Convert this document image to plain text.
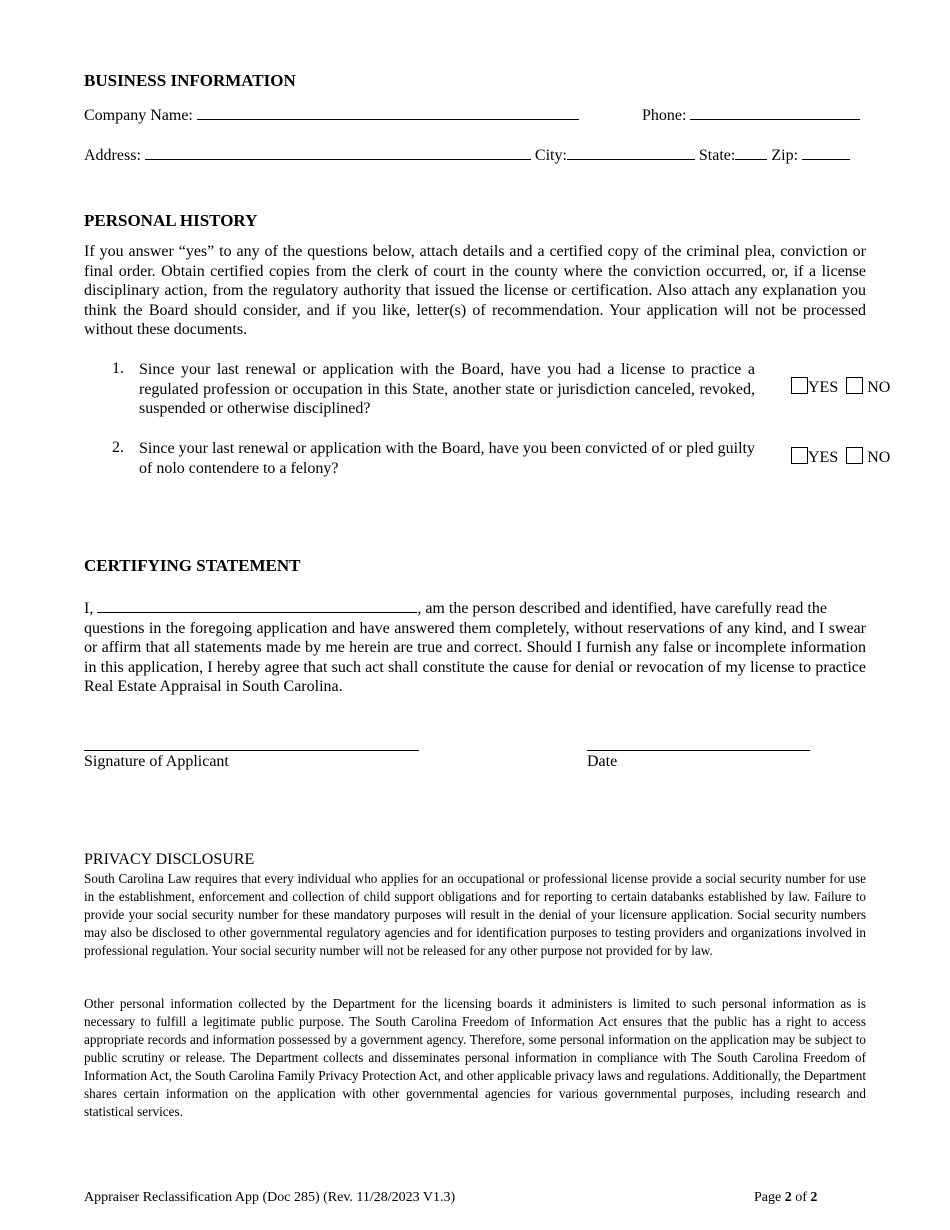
BUSINESS INFORMATION
Company Name:	Phone:
Address:	City:	State: Zip:
PERSONAL HISTORY
If you answer “yes” to any of the questions below, attach details and a certified copy of the criminal plea, conviction or final order. Obtain certified copies from the clerk of court in the county where the conviction occurred, or, if a license disciplinary action, from the regulatory authority that issued the license or certification. Also attach any explanation you think the Board should consider, and if you like, letter(s) of recommendation. Your application will not be processed without these documents.
1. Since your last renewal or application with the Board, have you had a license to practice a regulated profession or occupation in this State, another state or jurisdiction canceled, revoked, suspended or otherwise disciplined?
YES NO
2. Since your last renewal or application with the Board, have you been convicted of or pled guilty of nolo contendere to a felony?
YES NO
CERTIFYING STATEMENT
I,	, am the person described and identified, have carefully read the
questions in the foregoing application and have answered them completely, without reservations of any kind, and I swear or affirm that all statements made by me herein are true and correct. Should I furnish any false or incomplete information in this application, I hereby agree that such act shall constitute the cause for denial or revocation of my license to practice Real Estate Appraisal in South Carolina.
Signature of Applicant	Date
PRIVACY DISCLOSURE
South Carolina Law requires that every individual who applies for an occupational or professional license provide a social security number for use in the establishment, enforcement and collection of child support obligations and for reporting to certain databanks established by law. Failure to provide your social security number for these mandatory purposes will result in the denial of your licensure application. Social security numbers may also be disclosed to other governmental regulatory agencies and for identification purposes to testing providers and organizations involved in professional regulation. Your social security number will not be released for any other purpose not provided for by law.
Other personal information collected by the Department for the licensing boards it administers is limited to such personal information as is necessary to fulfill a legitimate public purpose. The South Carolina Freedom of Information Act ensures that the public has a right to access appropriate records and information possessed by a government agency. Therefore, some personal information on the application may be subject to public scrutiny or release. The Department collects and disseminates personal information in compliance with The South Carolina Freedom of Information Act, the South Carolina Family Privacy Protection Act, and other applicable privacy laws and regulations. Additionally, the Department shares certain information on the application with other governmental agencies for various governmental purposes, including research and statistical services.
Appraiser Reclassification App (Doc 285) (Rev. 11/28/2023 V1.3)	Page 2 of 2
